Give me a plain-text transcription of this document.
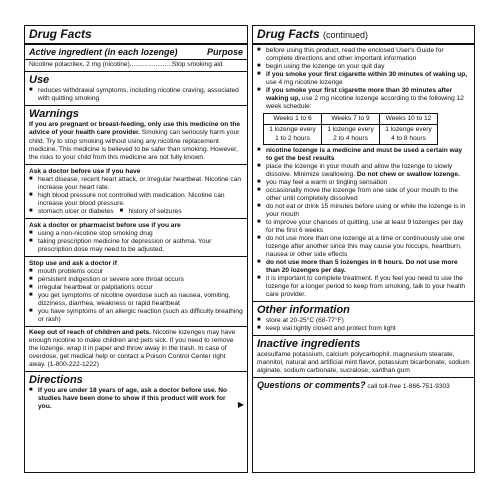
Drug Facts
Active ingredient (in each lozenge)	Purpose
Nicotine polacrilex, 2 mg (nicotine).......................Stop smoking aid
Use
■ reduces withdrawal symptoms, including nicotine craving, associated with quitting smoking
Warnings

If you are pregnant or breast-feeding, only use this medicine on the advice of your health care provider. Smoking can seriously harm your child. Try to stop smoking without using any nicotine replacement medicine. This medicine is believed to be safer than smoking. However, the risks to your child from this medicine are not fully known.

Ask a doctor before use if you have
■ heart disease, recent heart attack, or irregular heartbeat. Nicotine can increase your heart rate.
■ high blood pressure not controlled with medication. Nicotine can increase your blood pressure.
■ stomach ulcer or diabetes	■ history of seizures
Ask a doctor or pharmacist before use if you are
■ using a non-nicotine stop smoking drug
■ taking prescription medicine for depression or asthma. Your prescription dose may need to be adjusted.
Stop use and ask a doctor if
■ mouth problems occur
■ persistent indigestion or severe sore throat occurs
■ irregular heartbeat or palpitations occur
■ you get symptoms of nicotine overdose such as nausea, vomiting, dizziness, diarrhea, weakness or rapid heartbeat
■ you have symptoms of an allergic reaction (such as difficulty breathing or rash)

Keep out of reach of children and pets. Nicotine lozenges may have enough nicotine to make children and pets sick. If you need to remove the lozenge, wrap it in paper and throw away in the trash. In case of overdose, get medical help or contact a Poison Control Center right away. (1-800-222-1222)

Directions
■ If you are under 18 years of age, ask a doctor before use. No studies have been done to show if this product will work for you.	▶
Drug Facts (continued)
■ before using this product, read the enclosed User's Guide for complete directions and other important information
■ begin using the lozenge on your quit day
■ if you smoke your first cigarette within 30 minutes of waking up, use 4 mg nicotine lozenge
■ if you smoke your first cigarette more than 30 minutes after waking up, use 2 mg nicotine lozenge according to the following 12 week schedule:
Weeks 1 to 6	Weeks 7 to 9	Weeks 10 to 12
1 lozenge every 1 to 2 hours	1 lozenge every 2 to 4 hours	1 lozenge every 4 to 8 hours
■ nicotine lozenge is a medicine and must be used a certain way to get the best results
■ place the lozenge in your mouth and allow the lozenge to slowly dissolve. Minimize swallowing. Do not chew or swallow lozenge.
■ you may feel a warm or tingling sensation
■ occasionally move the lozenge from one side of your mouth to the other until completely dissolved
■ do not eat or drink 15 minutes before using or while the lozenge is in your mouth
■ to improve your chances of quitting, use at least 9 lozenges per day for the first 6 weeks
■ do not use more than one lozenge at a time or continuously use one lozenge after another since this may cause you hiccups, heartburn, nausea or other side effects
■ do not use more than 5 lozenges in 6 hours. Do not use more than 20 lozenges per day.
■ it is important to complete treatment. If you feel you need to use the lozenge for a longer period to keep from smoking, talk to your health care provider.
Other information
■ store at 20-25°C (68-77°F)
■ keep vial tightly closed and protect from light
Inactive ingredients

acesulfame potassium, calcium polycarbophil, magnesium stearate, mannitol, natural and artificial mint flavor, potassium bicarbonate, sodium alginate, sodium carbonate, sucralose, xanthan gum

Questions or comments? call toll-free 1-866-751-9303
